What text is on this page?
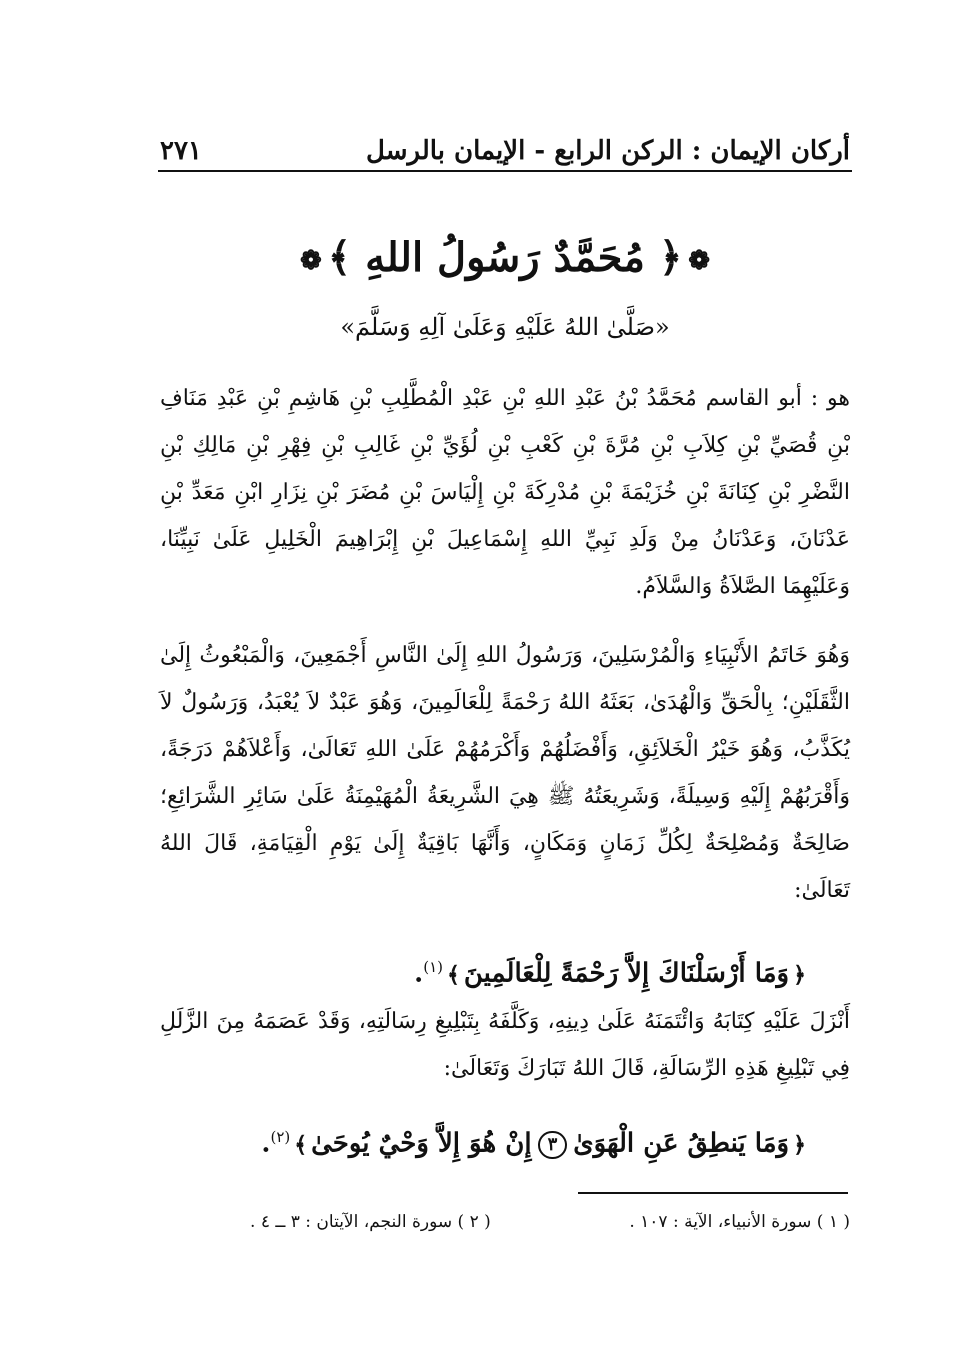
أركان الإيمان : الركن الرابع - الإيمان بالرسل
٢٧١
❁﴿ مُحَمَّدٌ رَسُولُ اللهِ ﴾❁
«صَلَّىٰ اللهُ عَلَيْهِ وَعَلَىٰ آلِهِ وَسَلَّمَ»
هو : أبو القاسم مُحَمَّدُ بْنُ عَبْدِ اللهِ بْنِ عَبْدِ الْمُطَّلِبِ بْنِ هَاشِمِ بْنِ عَبْدِ مَنَافِ بْنِ قُصَيِّ بْنِ كِلاَبِ بْنِ مُرَّةَ بْنِ كَعْبِ بْنِ لُؤَيِّ بْنِ غَالِبِ بْنِ فِهْرِ بْنِ مَالِكِ بْنِ النَّضْرِ بْنِ كِنَانَةَ بْنِ خُزَيْمَةَ بْنِ مُدْرِكَةَ بْنِ إِلْيَاسَ بْنِ مُضَرَ بْنِ نِزَارِ ابْنِ مَعَدِّ بْنِ عَدْنَانَ، وَعَدْنَانُ مِنْ وَلَدِ نَبِيِّ اللهِ إِسْمَاعِيلَ بْنِ إِبْرَاهِيمَ الْخَلِيلِ عَلَىٰ نَبِيِّنَا، وَعَلَيْهِمَا الصَّلاَةُ وَالسَّلاَمُ.
وَهُوَ خَاتَمُ الأَنْبِيَاءِ وَالْمُرْسَلِينَ، وَرَسُولُ اللهِ إِلَىٰ النَّاسِ أَجْمَعِينَ، وَالْمَبْعُوثُ إِلَىٰ الثَّقَلَيْنِ؛ بِالْحَقِّ وَالْهُدَىٰ، بَعَثَهُ اللهُ رَحْمَةً لِلْعَالَمِينَ، وَهُوَ عَبْدٌ لاَ يُعْبَدُ، وَرَسُولٌ لاَ يُكَذَّبُ، وَهُوَ خَيْرُ الْخَلاَئِقِ، وَأَفْضَلُهُمْ وَأَكْرَمُهُمْ عَلَىٰ اللهِ تَعَالَىٰ، وَأَعْلاَهُمْ دَرَجَةً، وَأَقْرَبُهُمْ إِلَيْهِ وَسِيلَةً، وَشَرِيعَتُهُ ﷺ هِيَ الشَّرِيعَةُ الْمُهَيْمِنَةُ عَلَىٰ سَائِرِ الشَّرَائِعِ؛ صَالِحَةٌ وَمُصْلِحَةٌ لِكُلِّ زَمَانٍ وَمَكَانٍ، وَأَنَّهَا بَاقِيَةٌ إِلَىٰ يَوْمِ الْقِيَامَةِ، قَالَ اللهُ تَعَالَىٰ:
﴿وَمَا أَرْسَلْنَاكَ إِلاَّ رَحْمَةً لِلْعَالَمِينَ﴾$^{(١)}$.
أَنْزَلَ عَلَيْهِ كِتَابَهُ وَائْتَمَنَهُ عَلَىٰ دِينِهِ، وَكَلَّفَهُ بِتَبْلِيغِ رِسَالَتِهِ، وَقَدْ عَصَمَهُ مِنَ الزَّلَلِ فِي تَبْلِيغِ هَذِهِ الرِّسَالَةِ، قَالَ اللهُ تَبَارَكَ وَتَعَالَىٰ:
﴿وَمَا يَنطِقُ عَنِ الْهَوَىٰ٣إِنْ هُوَ إِلاَّ وَحْيٌ يُوحَىٰ﴾$^{(٢)}$.
( ١ ) سورة الأنبياء، الآية : ١٠٧ .
( ٢ ) سورة النجم، الآيتان : ٣ ــ ٤ .
